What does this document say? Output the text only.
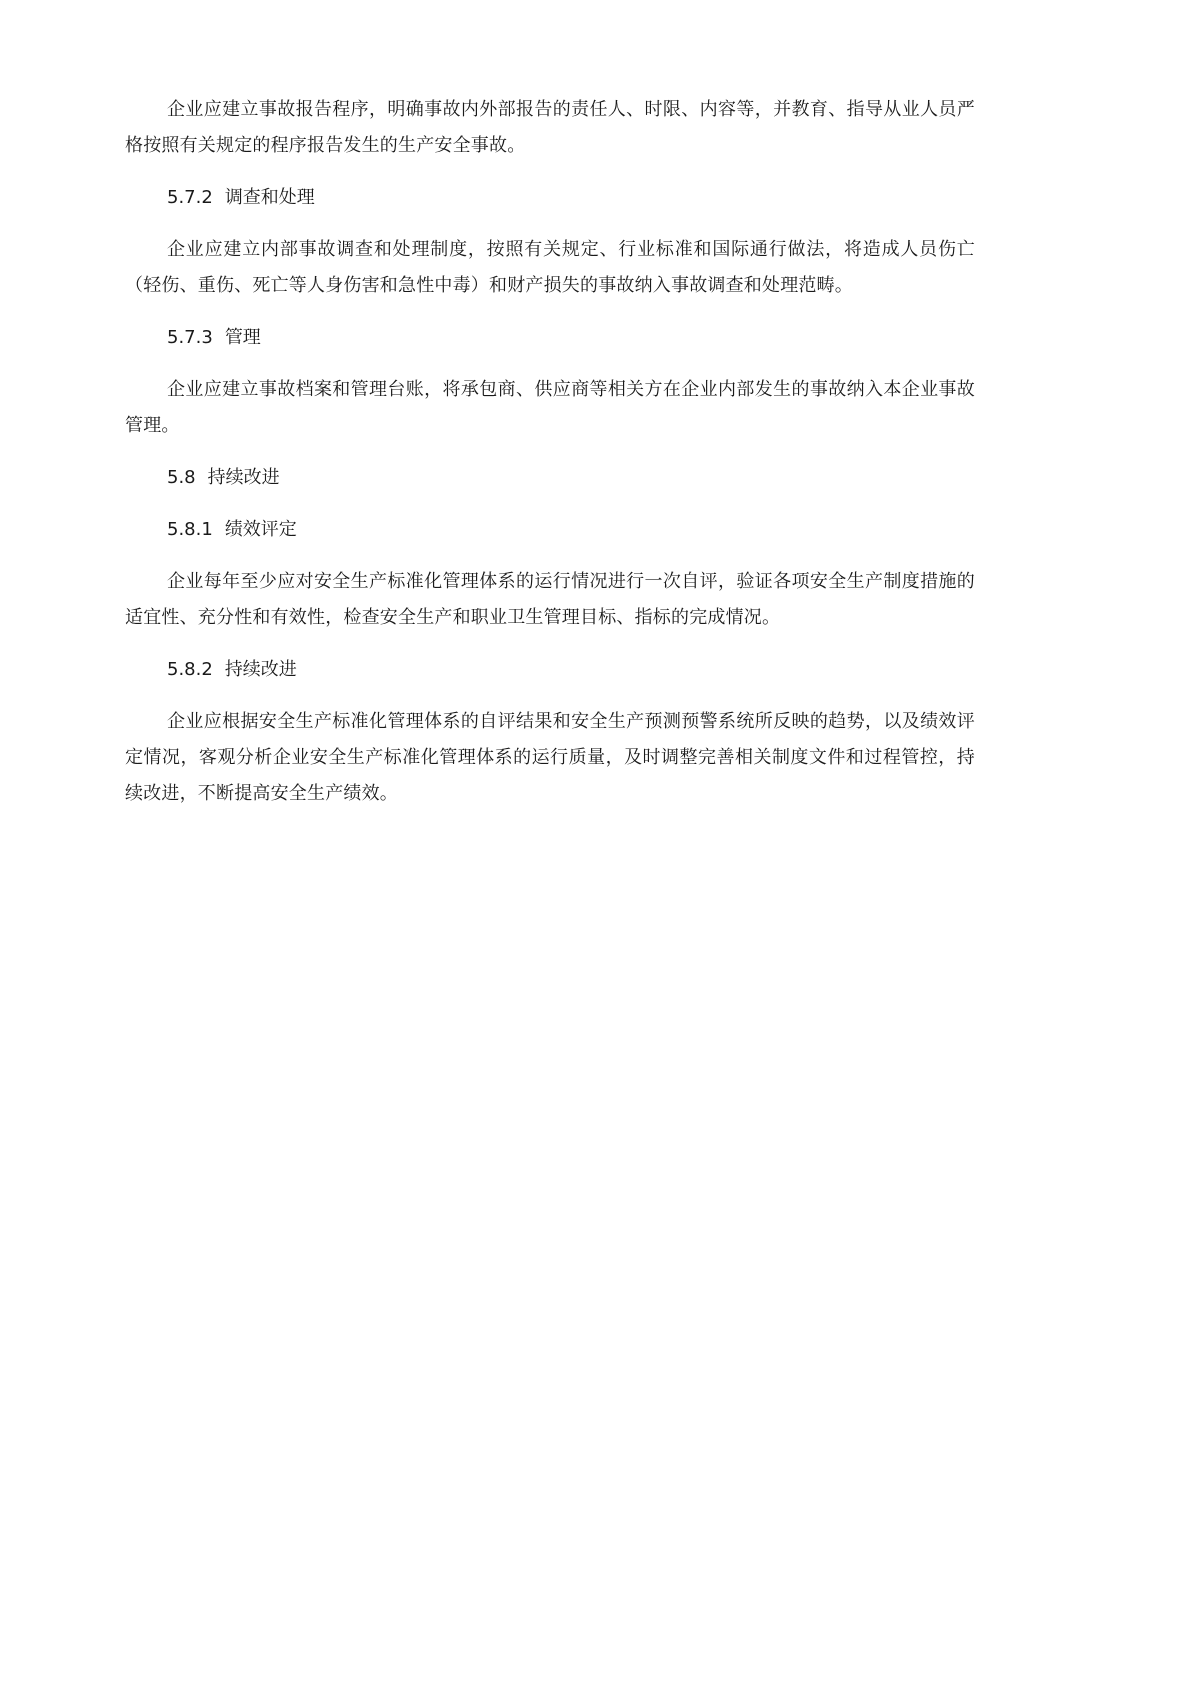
企业应建立事故报告程序，明确事故内外部报告的责任人、时限、内容等，并教育、指导从业人员严格按照有关规定的程序报告发生的生产安全事故。

5.7.2 调查和处理

企业应建立内部事故调查和处理制度，按照有关规定、行业标准和国际通行做法，将造成人员伤亡（轻伤、重伤、死亡等人身伤害和急性中毒）和财产损失的事故纳入事故调查和处理范畴。

5.7.3 管理

企业应建立事故档案和管理台账，将承包商、供应商等相关方在企业内部发生的事故纳入本企业事故管理。

5.8 持续改进
5.8.1 绩效评定

企业每年至少应对安全生产标准化管理体系的运行情况进行一次自评，验证各项安全生产制度措施的适宜性、充分性和有效性，检查安全生产和职业卫生管理目标、指标的完成情况。

5.8.2 持续改进

企业应根据安全生产标准化管理体系的自评结果和安全生产预测预警系统所反映的趋势，以及绩效评定情况，客观分析企业安全生产标准化管理体系的运行质量，及时调整完善相关制度文件和过程管控，持续改进，不断提高安全生产绩效。
